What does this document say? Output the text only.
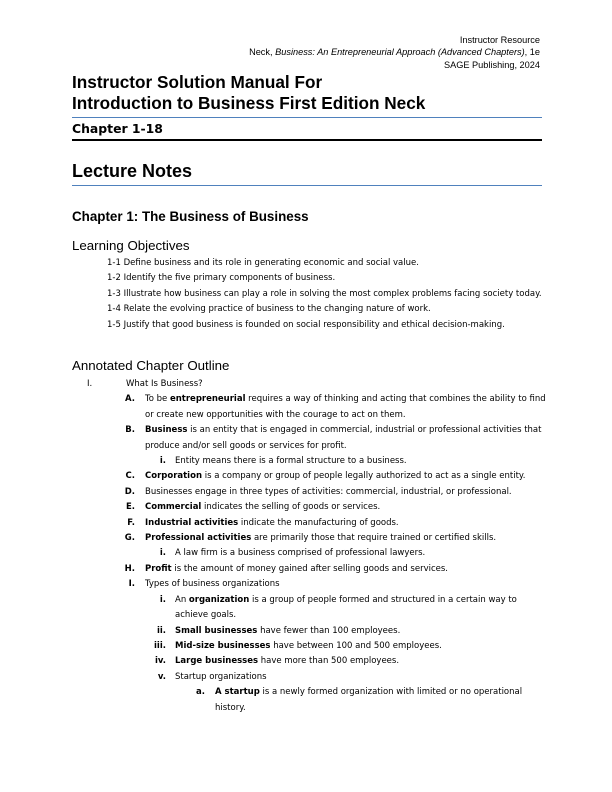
Instructor Resource
Neck, Business: An Entrepreneurial Approach (Advanced Chapters), 1e
SAGE Publishing, 2024
Instructor Solution Manual For
Introduction to Business First Edition Neck
Chapter 1-18
Lecture Notes
Chapter 1: The Business of Business
Learning Objectives
1-1 Define business and its role in generating economic and social value.
1-2 Identify the five primary components of business.
1-3 Illustrate how business can play a role in solving the most complex problems facing society today.
1-4 Relate the evolving practice of business to the changing nature of work.
1-5 Justify that good business is founded on social responsibility and ethical decision-making.
Annotated Chapter Outline
I.	What Is Business?
A. To be entrepreneurial requires a way of thinking and acting that combines the ability to find or create new opportunities with the courage to act on them.
B. Business is an entity that is engaged in commercial, industrial or professional activities that produce and/or sell goods or services for profit.
i. Entity means there is a formal structure to a business.
C. Corporation is a company or group of people legally authorized to act as a single entity.
D. Businesses engage in three types of activities: commercial, industrial, or professional.
E. Commercial indicates the selling of goods or services.
F. Industrial activities indicate the manufacturing of goods.
G. Professional activities are primarily those that require trained or certified skills.
i. A law firm is a business comprised of professional lawyers.
H. Profit is the amount of money gained after selling goods and services.
I. Types of business organizations
i. An organization is a group of people formed and structured in a certain way to achieve goals.
ii. Small businesses have fewer than 100 employees.
iii. Mid-size businesses have between 100 and 500 employees.
iv. Large businesses have more than 500 employees.
v. Startup organizations
a. A startup is a newly formed organization with limited or no operational history.
